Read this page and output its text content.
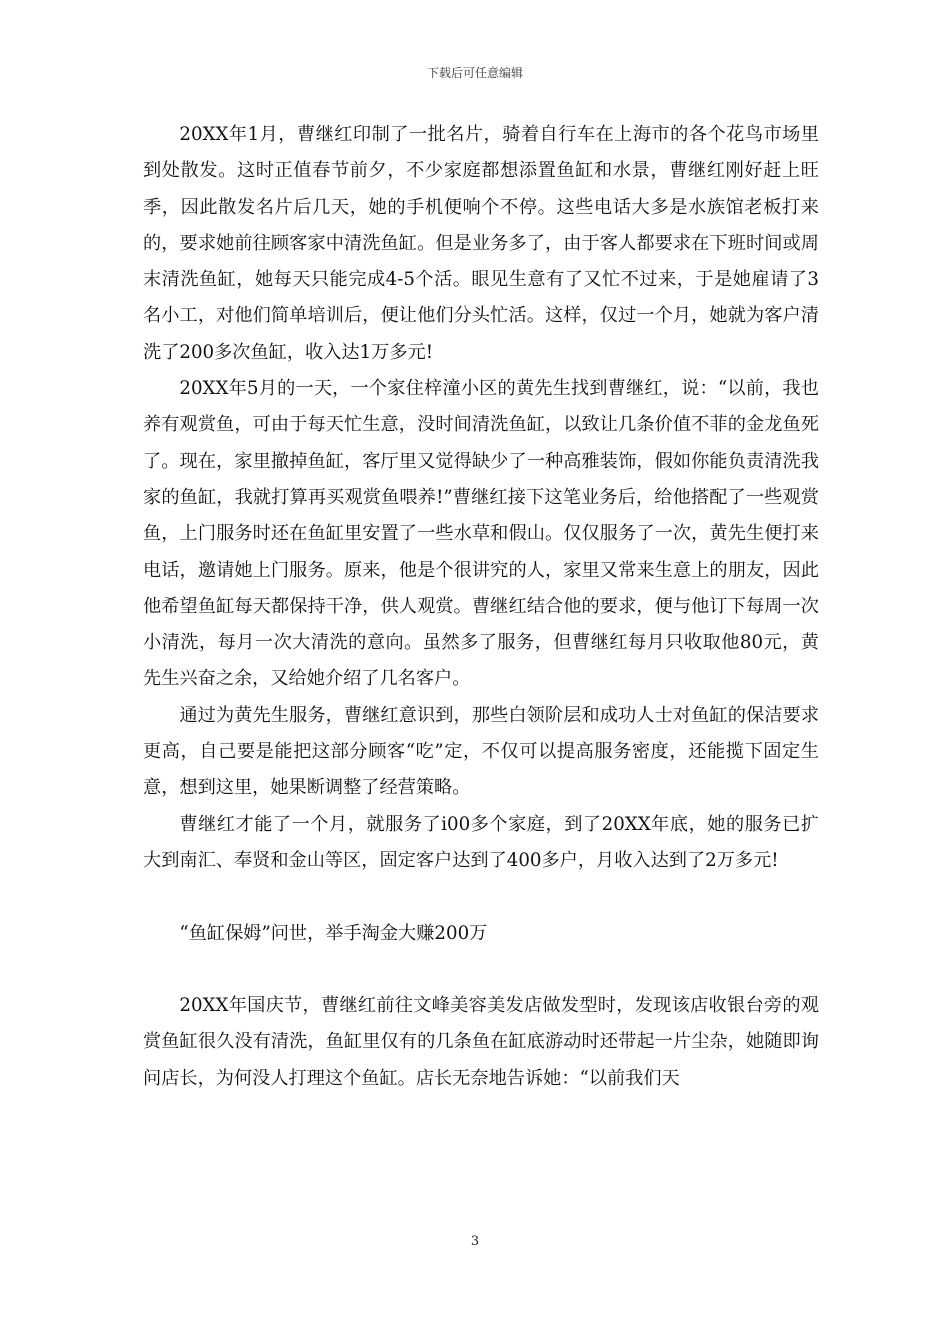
下载后可任意编辑

20XX年1月，曹继红印制了一批名片，骑着自行车在上海市的各个花鸟市场里到处散发。这时正值春节前夕，不少家庭都想添置鱼缸和水景，曹继红刚好赶上旺季，因此散发名片后几天，她的手机便响个不停。这些电话大多是水族馆老板打来的，要求她前往顾客家中清洗鱼缸。但是业务多了，由于客人都要求在下班时间或周末清洗鱼缸，她每天只能完成4-5个活。眼见生意有了又忙不过来，于是她雇请了3名小工，对他们简单培训后，便让他们分头忙活。这样，仅过一个月，她就为客户清洗了200多次鱼缸，收入达1万多元!

20XX年5月的一天，一个家住梓潼小区的黄先生找到曹继红，说：“以前，我也养有观赏鱼，可由于每天忙生意，没时间清洗鱼缸，以致让几条价值不菲的金龙鱼死了。现在，家里撤掉鱼缸，客厅里又觉得缺少了一种高雅装饰，假如你能负责清洗我家的鱼缸，我就打算再买观赏鱼喂养!”曹继红接下这笔业务后，给他搭配了一些观赏鱼，上门服务时还在鱼缸里安置了一些水草和假山。仅仅服务了一次，黄先生便打来电话，邀请她上门服务。原来，他是个很讲究的人，家里又常来生意上的朋友，因此他希望鱼缸每天都保持干净，供人观赏。曹继红结合他的要求，便与他订下每周一次小清洗，每月一次大清洗的意向。虽然多了服务，但曹继红每月只收取他80元，黄先生兴奋之余，又给她介绍了几名客户。

通过为黄先生服务，曹继红意识到，那些白领阶层和成功人士对鱼缸的保洁要求更高，自己要是能把这部分顾客“吃”定，不仅可以提高服务密度，还能揽下固定生意，想到这里，她果断调整了经营策略。

曹继红才能了一个月，就服务了i00多个家庭，到了20XX年底，她的服务已扩大到南汇、奉贤和金山等区，固定客户达到了400多户，月收入达到了2万多元!

“鱼缸保姆”问世，举手淘金大赚200万

20XX年国庆节，曹继红前往文峰美容美发店做发型时，发现该店收银台旁的观赏鱼缸很久没有清洗，鱼缸里仅有的几条鱼在缸底游动时还带起一片尘杂，她随即询问店长，为何没人打理这个鱼缸。店长无奈地告诉她：“以前我们天

3
